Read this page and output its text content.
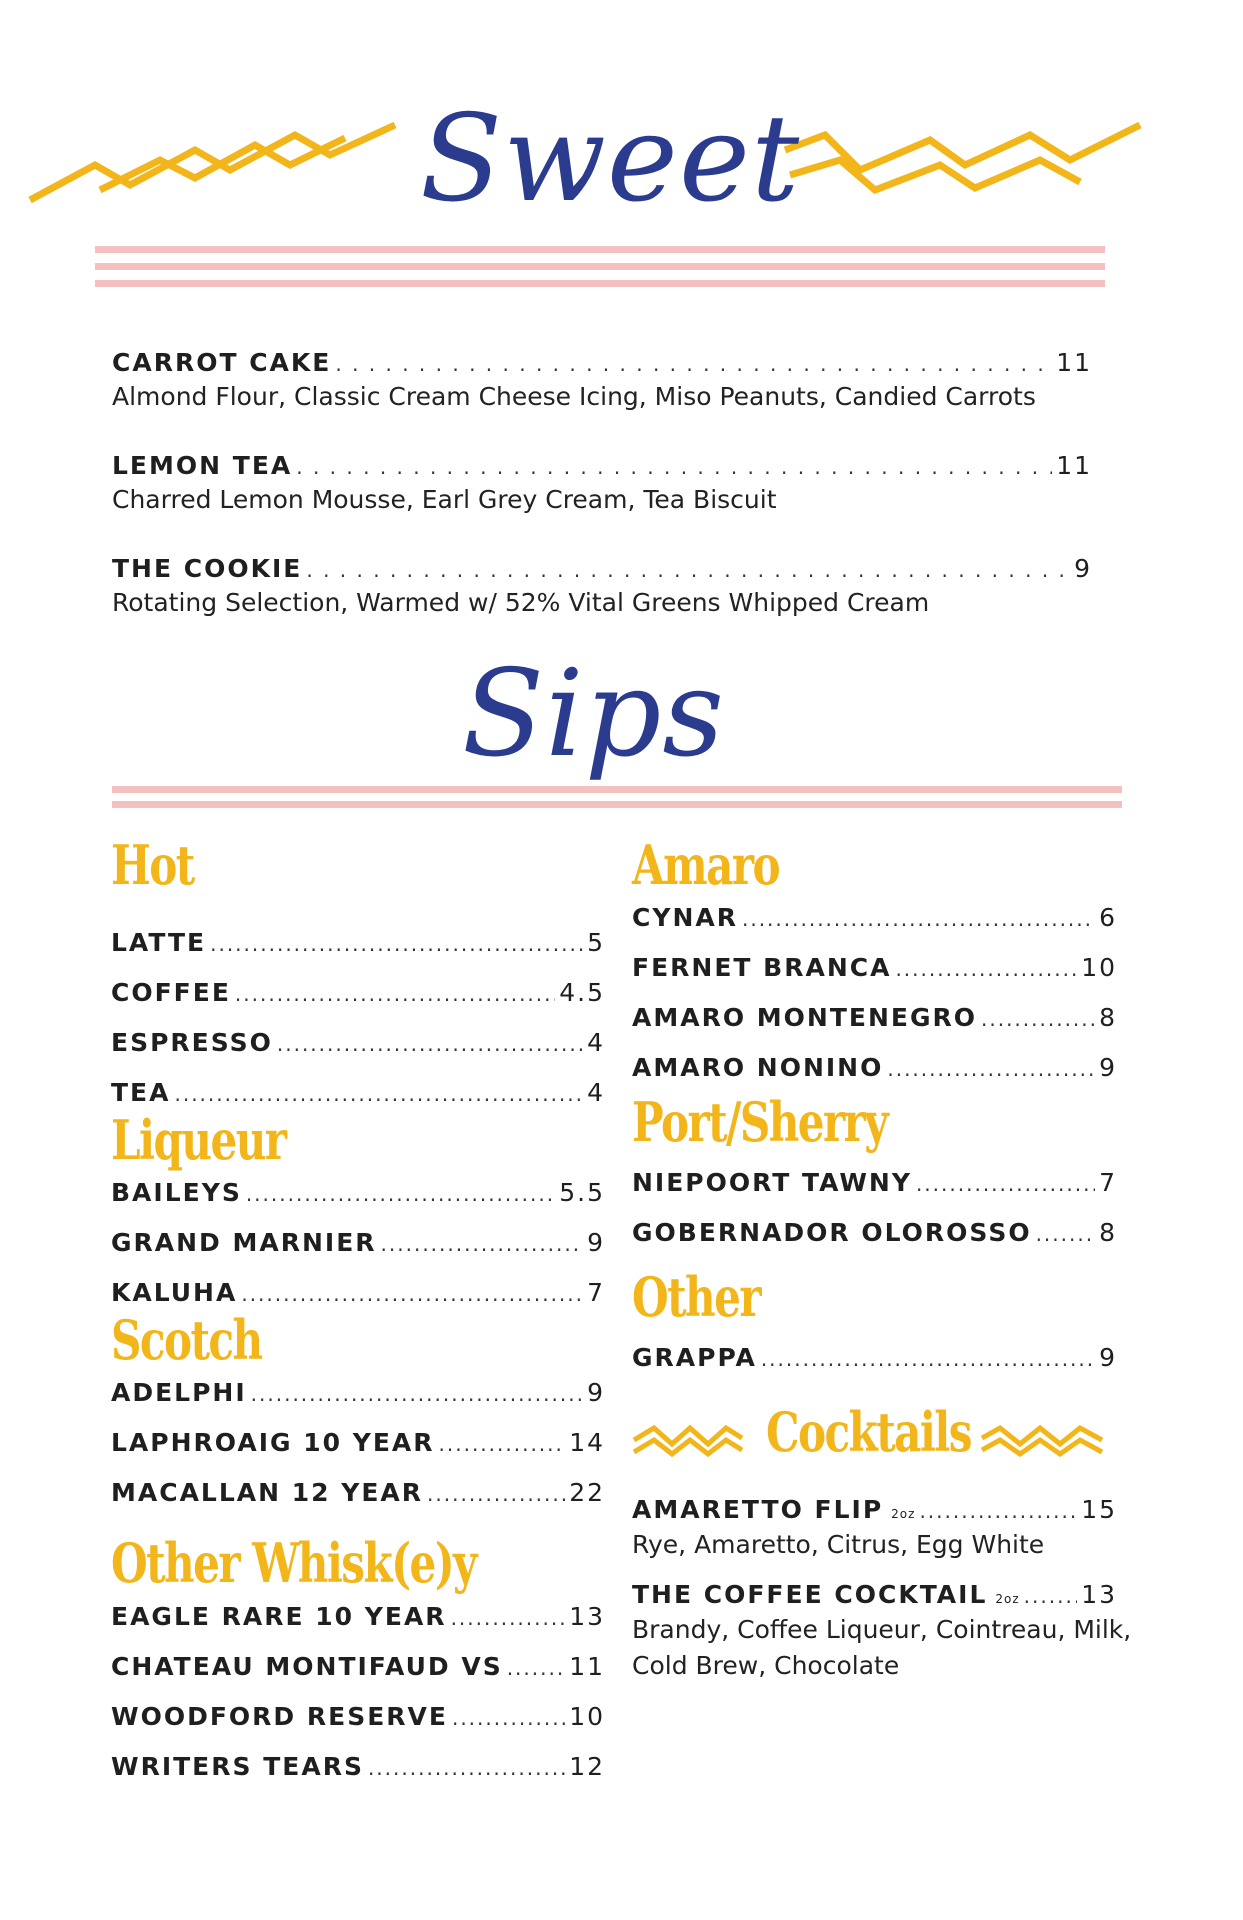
Sweet
CARROT CAKE . . .	11
Almond Flour, Classic Cream Cheese Icing, Miso Peanuts, Candied Carrots
LEMON TEA . . .	11
Charred Lemon Mousse, Earl Grey Cream, Tea Biscuit
THE COOKIE . . .	9
Rotating Selection, Warmed w/ 52% Vital Greens Whipped Cream
Sips
Hot
LATTE .....	5
COFFEE .....	4.5
ESPRESSO .....	4
TEA .....	4
Liqueur
BAILEYS .....	5.5
GRAND MARNIER .....	9
KALUHA .....	7
Scotch
ADELPHI .....	9
LAPHROAIG 10 YEAR .....	14
MACALLAN 12 YEAR .....	22
Other Whisk(e)y
EAGLE RARE 10 YEAR .....	13
CHATEAU MONTIFAUD VS .....	11
WOODFORD RESERVE .....	10
WRITERS TEARS .....	12
Amaro
CYNAR .....	6
FERNET BRANCA .....	10
AMARO MONTENEGRO .....	8
AMARO NONINO .....	9
Port/Sherry
NIEPOORT TAWNY .....	7
GOBERNADOR OLOROSSO .....	8
Other
GRAPPA .....	9
Cocktails
AMARETTO FLIP 2oz .....	15
Rye, Amaretto, Citrus, Egg White
THE COFFEE COCKTAIL 2oz ..... 13
Brandy, Coffee Liqueur, Cointreau, Milk,
Cold Brew, Chocolate
